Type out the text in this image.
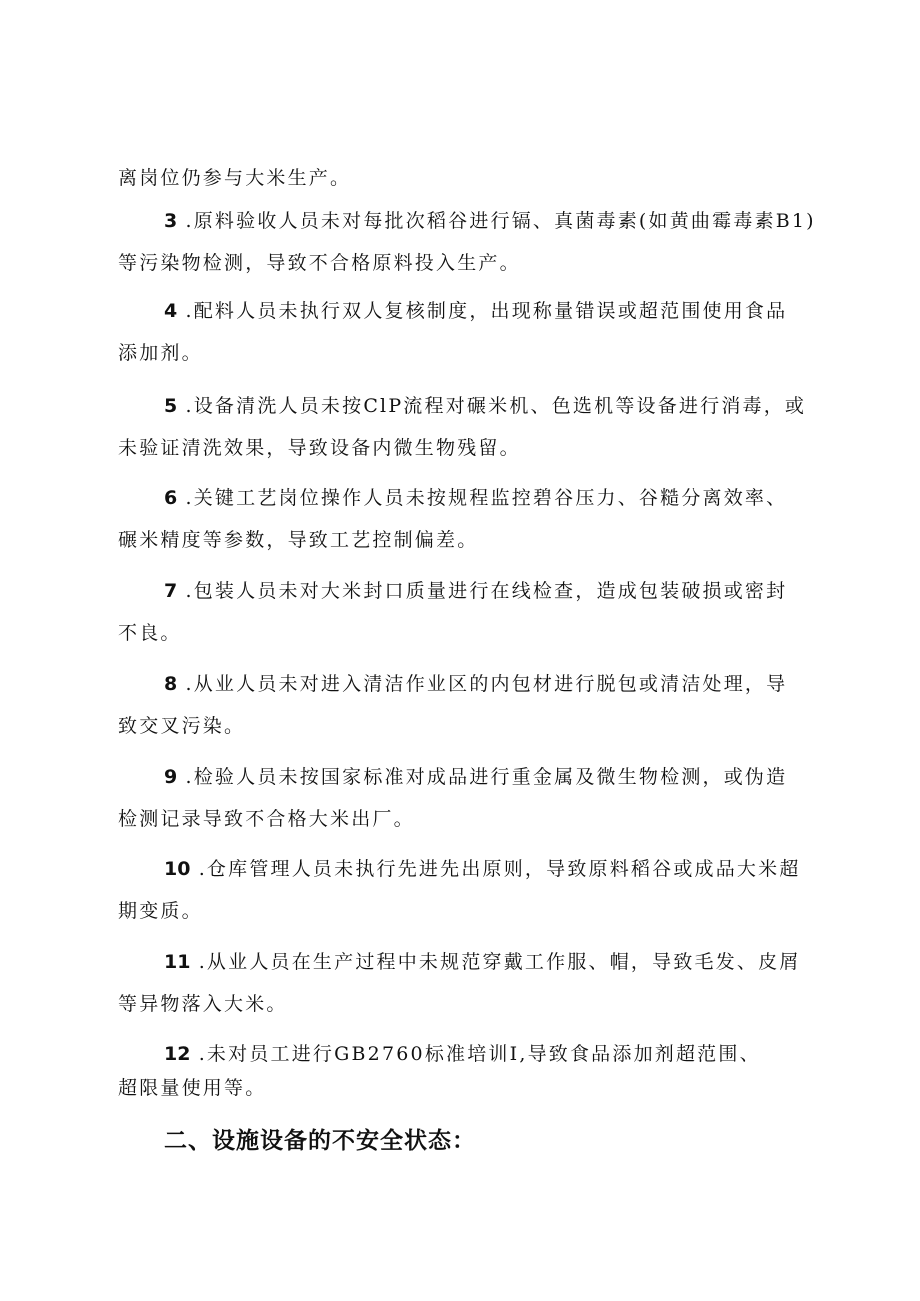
离岗位仍参与大米生产。

3 .原料验收人员未对每批次稻谷进行镉、真菌毒素(如黄曲霉毒素B1)
等污染物检测，导致不合格原料投入生产。

4 .配料人员未执行双人复核制度，出现称量错误或超范围使用食品
添加剂。

5 .设备清洗人员未按ClP流程对碾米机、色选机等设备进行消毒，或
未验证清洗效果，导致设备内微生物残留。

6 .关键工艺岗位操作人员未按规程监控碧谷压力、谷糙分离效率、
碾米精度等参数，导致工艺控制偏差。

7 .包装人员未对大米封口质量进行在线检查，造成包装破损或密封
不良。

8 .从业人员未对进入清洁作业区的内包材进行脱包或清洁处理，导
致交叉污染。

9 .检验人员未按国家标准对成品进行重金属及微生物检测，或伪造
检测记录导致不合格大米出厂。

10 .仓库管理人员未执行先进先出原则，导致原料稻谷或成品大米超
期变质。

11 .从业人员在生产过程中未规范穿戴工作服、帽，导致毛发、皮屑
等异物落入大米。

12 .未对员工进行GB2760标准培训I,导致食品添加剂超范围、
超限量使用等。

二、设施设备的不安全状态：
